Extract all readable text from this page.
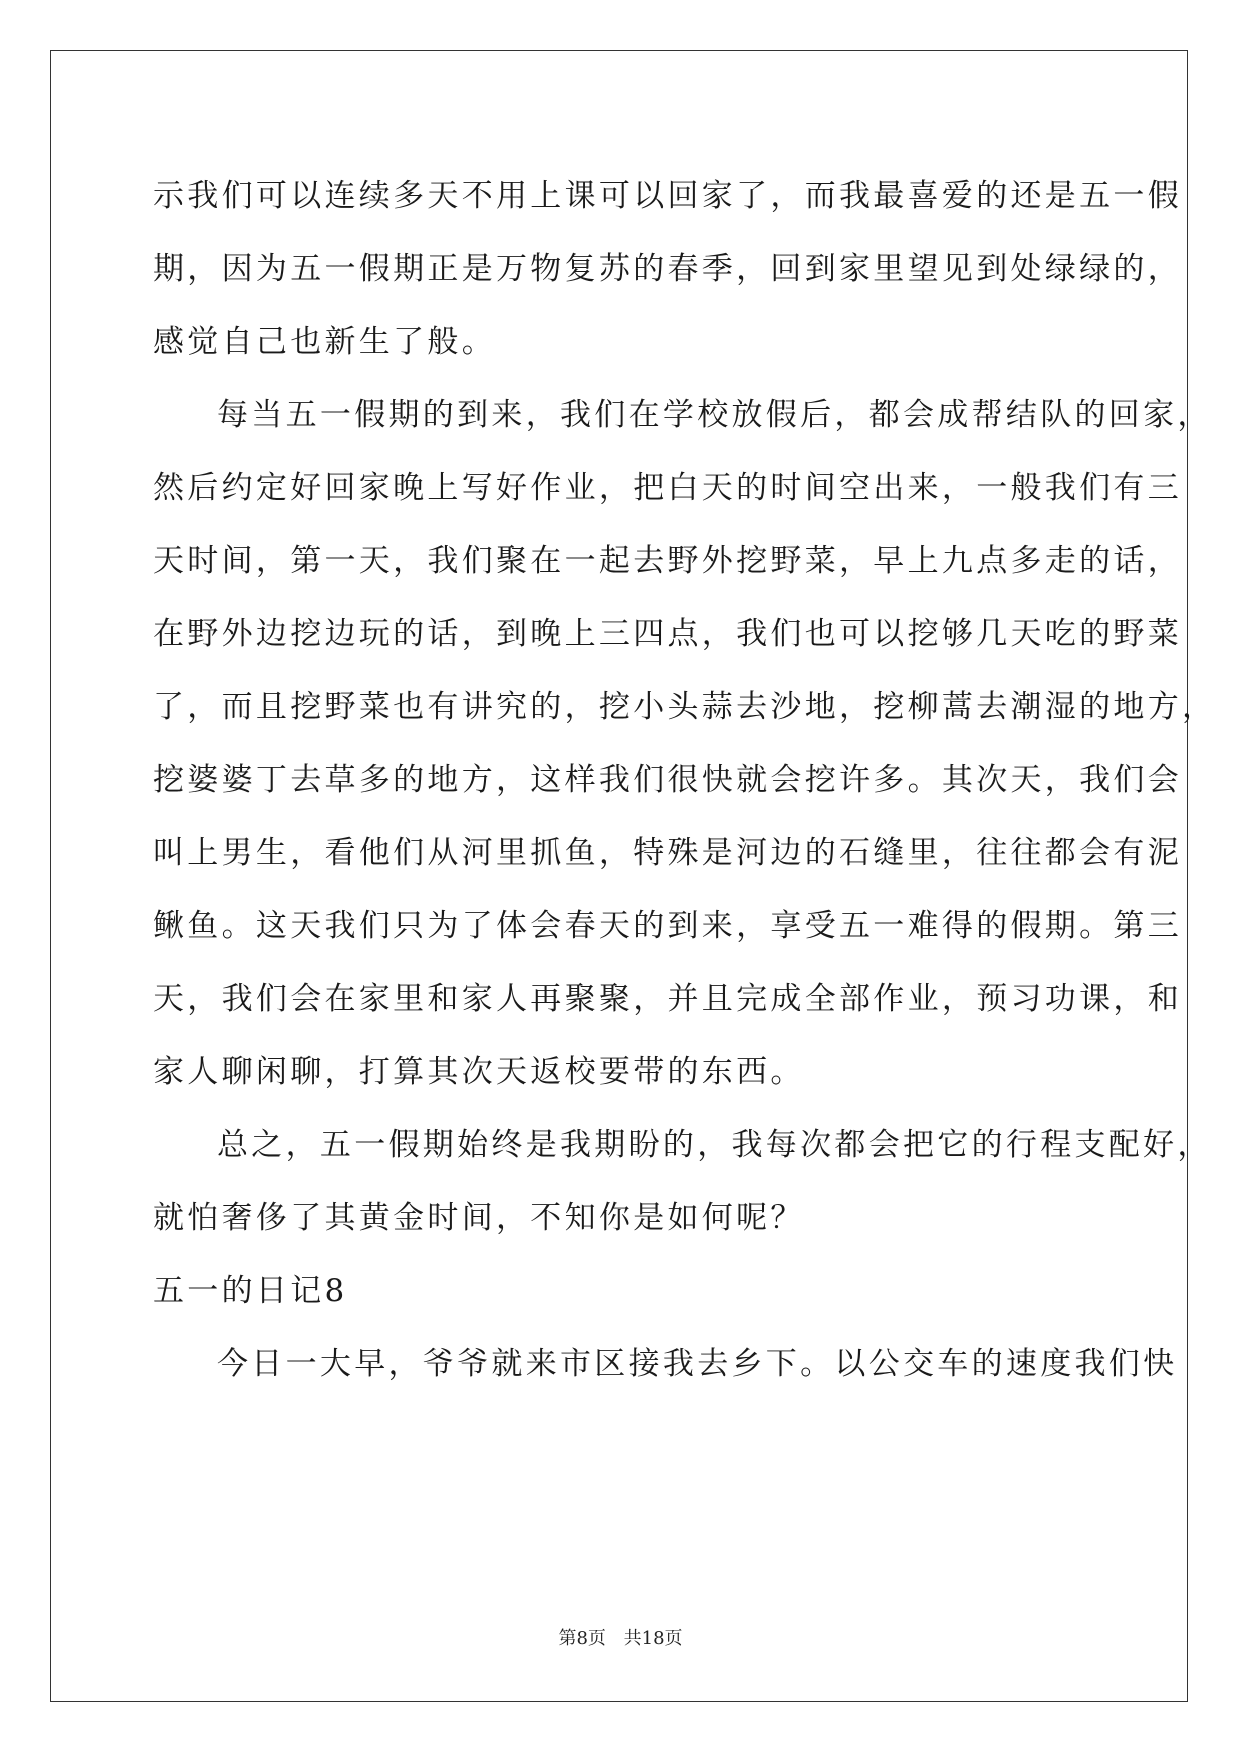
示我们可以连续多天不用上课可以回家了，而我最喜爱的还是五一假
期，因为五一假期正是万物复苏的春季，回到家里望见到处绿绿的，
感觉自己也新生了般。
每当五一假期的到来，我们在学校放假后，都会成帮结队的回家，
然后约定好回家晚上写好作业，把白天的时间空出来，一般我们有三
天时间，第一天，我们聚在一起去野外挖野菜，早上九点多走的话，
在野外边挖边玩的话，到晚上三四点，我们也可以挖够几天吃的野菜
了，而且挖野菜也有讲究的，挖小头蒜去沙地，挖柳蒿去潮湿的地方，
挖婆婆丁去草多的地方，这样我们很快就会挖许多。其次天，我们会
叫上男生，看他们从河里抓鱼，特殊是河边的石缝里，往往都会有泥
鳅鱼。这天我们只为了体会春天的到来，享受五一难得的假期。第三
天，我们会在家里和家人再聚聚，并且完成全部作业，预习功课，和
家人聊闲聊，打算其次天返校要带的东西。
总之，五一假期始终是我期盼的，我每次都会把它的行程支配好，
就怕奢侈了其黄金时间，不知你是如何呢？
五一的日记8
今日一大早，爷爷就来市区接我去乡下。以公交车的速度我们快
第8页 共18页
